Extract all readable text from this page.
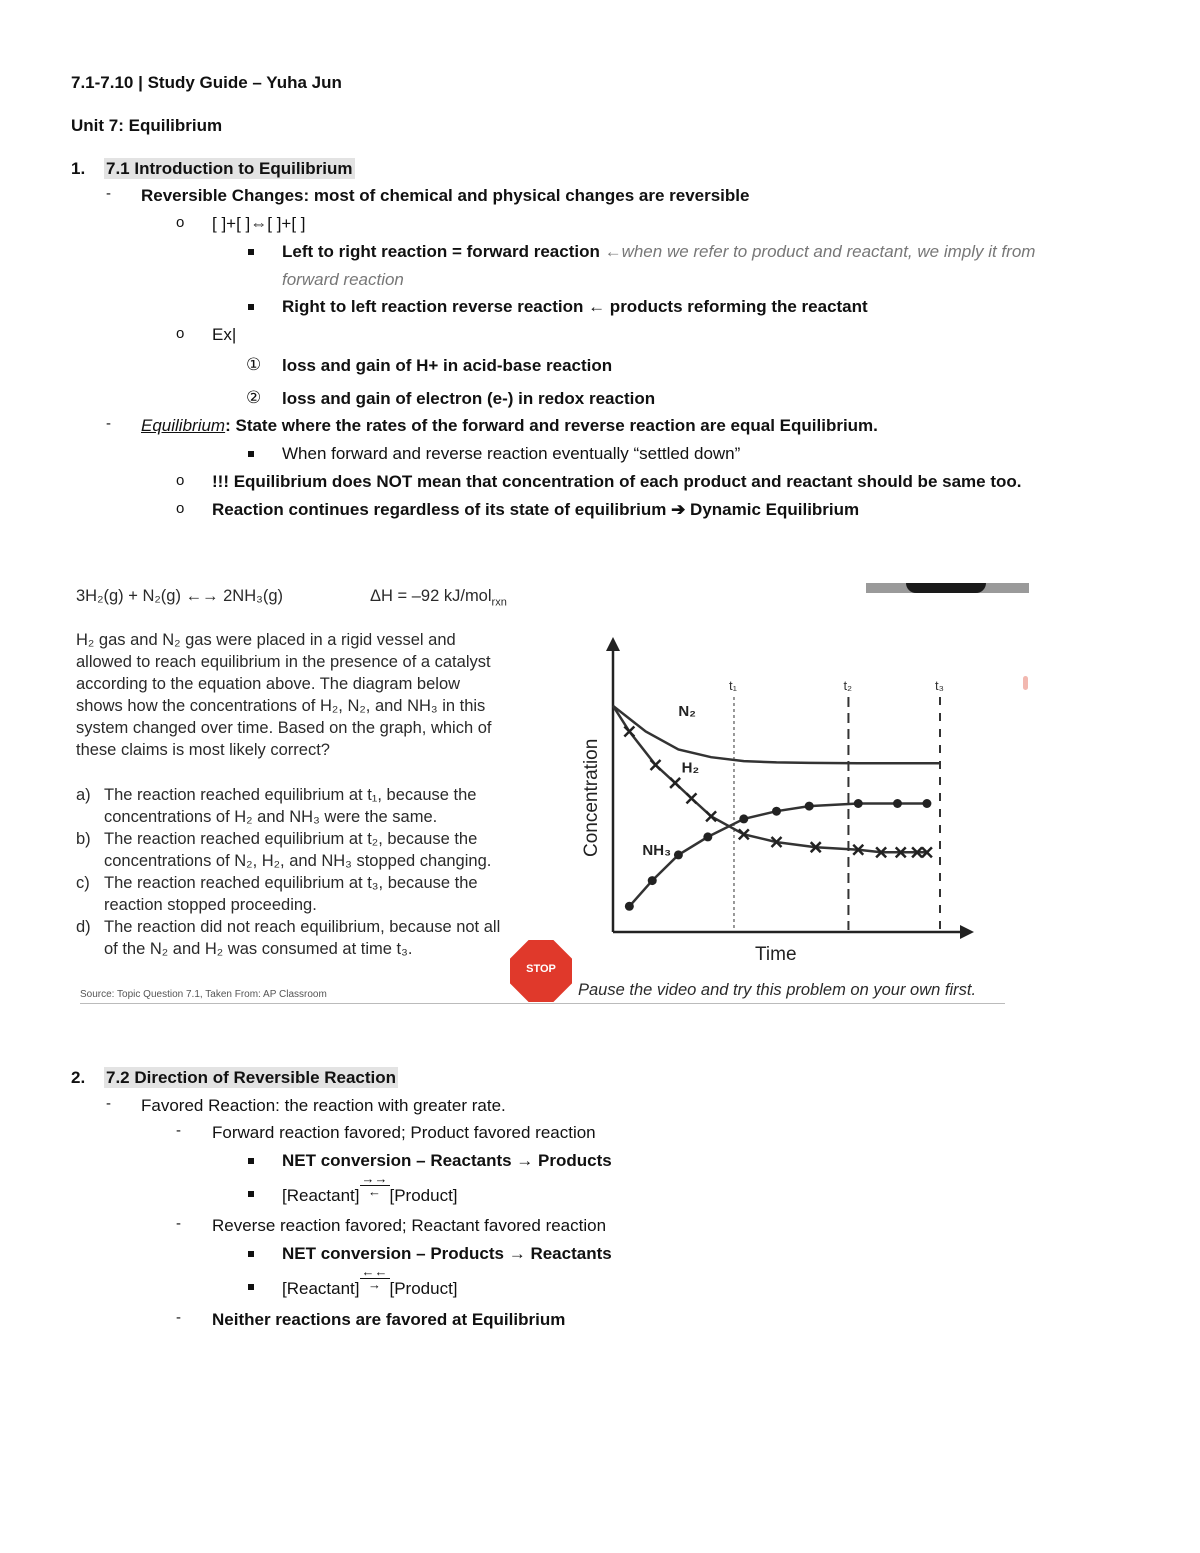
7.1-7.10 | Study Guide – Yuha Jun
Unit 7: Equilibrium
1. 7.1 Introduction to Equilibrium
- Reversible Changes: most of chemical and physical changes are reversible
o [ ]+[ ]⇔[ ]+[ ]
Left to right reaction = forward reaction ←when we refer to product and reactant, we imply it from
forward reaction
Right to left reaction reverse reaction ← products reforming the reactant
o Ex|
① loss and gain of H+ in acid-base reaction
② loss and gain of electron (e-) in redox reaction
- Equilibrium: State where the rates of the forward and reverse reaction are equal Equilibrium.
When forward and reverse reaction eventually “settled down”
o !!! Equilibrium does NOT mean that concentration of each product and reactant should be same too.
o Reaction continues regardless of its state of equilibrium ➔ Dynamic Equilibrium
3H₂(g) + N₂(g) ←→ 2NH₃(g)	ΔH = –92 kJ/mol$_{rxn}$
H₂ gas and N₂ gas were placed in a rigid vessel and
allowed to reach equilibrium in the presence of a catalyst
according to the equation above. The diagram below
shows how the concentrations of H₂, N₂, and NH₃ in this
system changed over time. Based on the graph, which of
these claims is most likely correct?
a) The reaction reached equilibrium at t₁, because the
concentrations of H₂ and NH₃ were the same.
b) The reaction reached equilibrium at t₂, because the
concentrations of N₂, H₂, and NH₃ stopped changing.
c) The reaction reached equilibrium at t₃, because the
reaction stopped proceeding.
d) The reaction did not reach equilibrium, because not all
of the N₂ and H₂ was consumed at time t₃.
Source: Topic Question 7.1, Taken From: AP Classroom
STOP
Pause the video and try this problem on your own first.
Time
Concentration
t₁	t₂	t₃
N₂
H₂
NH₃
2. 7.2 Direction of Reversible Reaction
- Favored Reaction: the reaction with greater rate.
- Forward reaction favored; Product favored reaction
NET conversion – Reactants → Products
[Reactant]→→
← [Product]
- Reverse reaction favored; Reactant favored reaction
NET conversion – Products → Reactants
[Reactant]←←
→ [Product]
- Neither reactions are favored at Equilibrium
